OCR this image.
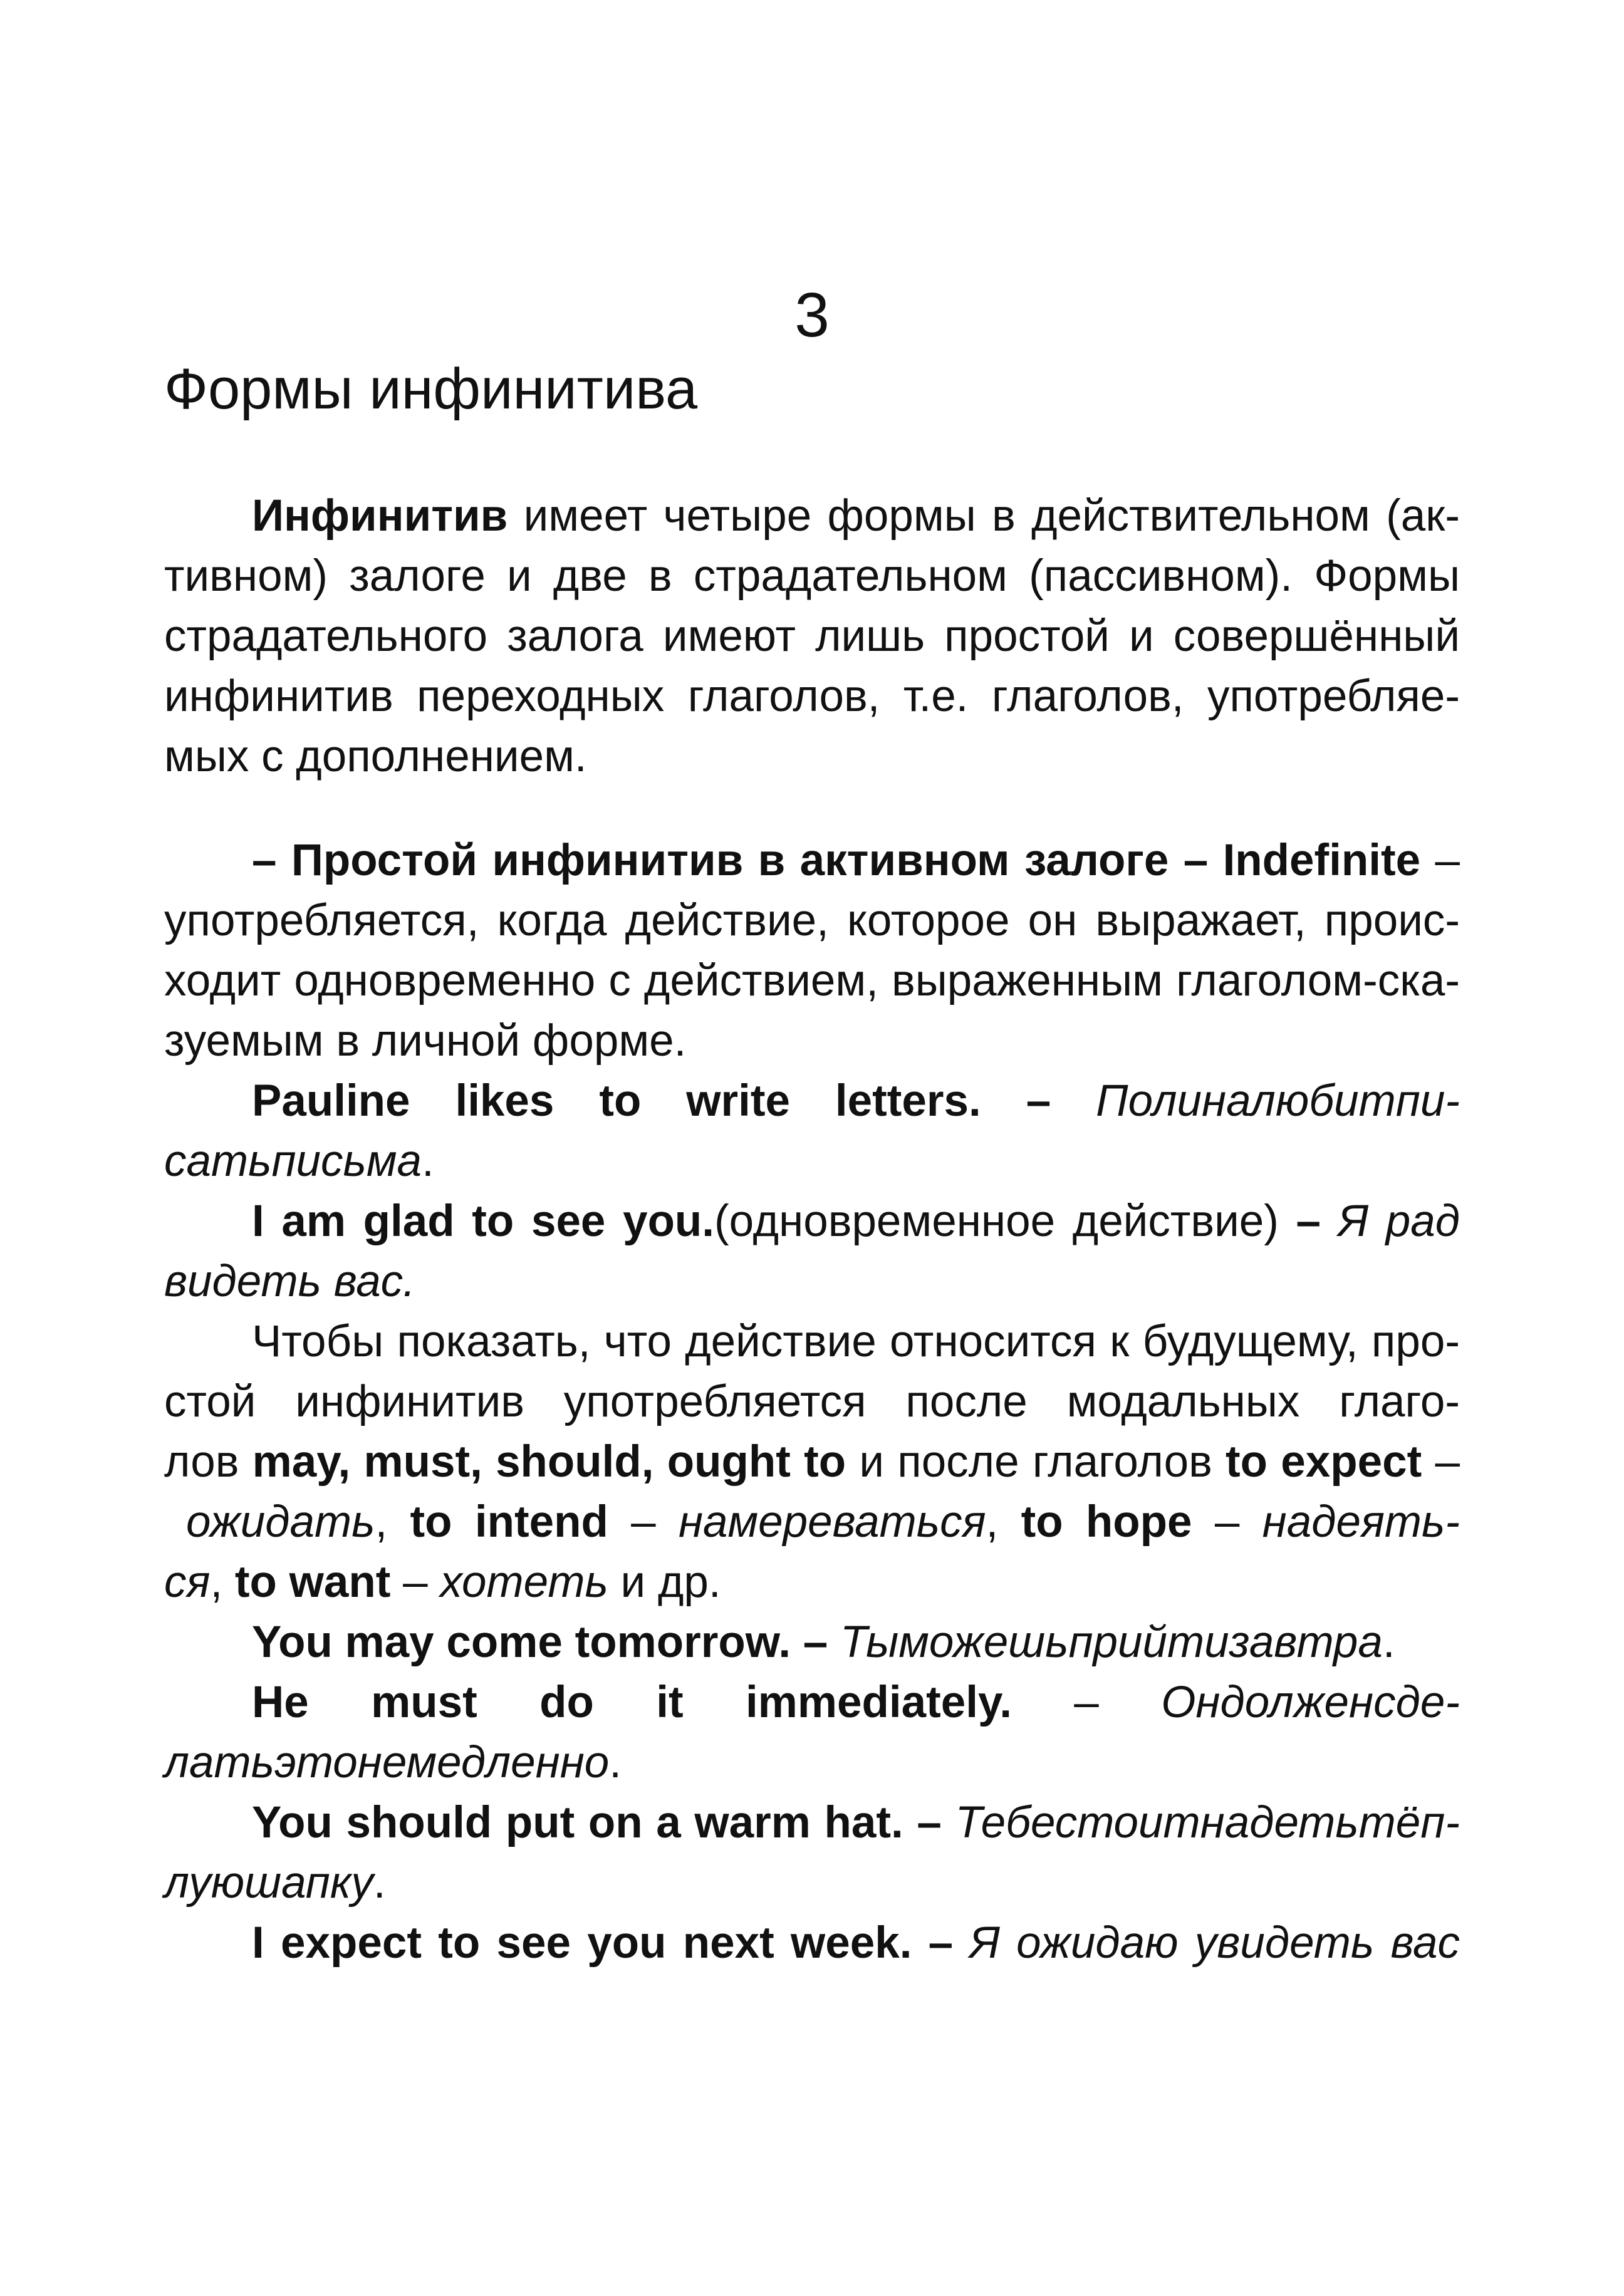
3
Формы инфинитива
Инфинитив имеет четыре формы в действительном (ак-
тивном) залоге и две в страдательном (пассивном). Формы
страдательного залога имеют лишь простой и совершённый
инфинитив переходных глаголов, т.е. глаголов, употребляе-
мых с дополнением.
– Простой инфинитив в активном залоге – Indefinite –
употребляется, когда действие, которое он выражает, проис-
ходит одновременно с действием, выраженным глаголом-ска-
зуемым в личной форме.
Pauline likes to write letters. – Полиналюбитпи-
сатьписьма.
I am glad to see you.(одновременное действие) – Я рад
видеть вас.
Чтобы показать, что действие относится к будущему, про-
стой инфинитив употребляется после модальных глаго-
лов may, must, should, ought to и после глаголов to expect –
ожидать, to intend – намереваться, to hope – надеять-
ся, to want – хотеть и др.
You may come tomorrow. – Тыможешьприйтизавтра.
He must do it immediately. – Ондолженсде-
латьэтонемедленно.
You should put on a warm hat. – Тебестоитнадетьтёп-
луюшапку.
I expect to see you next week. – Я ожидаю увидеть вас
